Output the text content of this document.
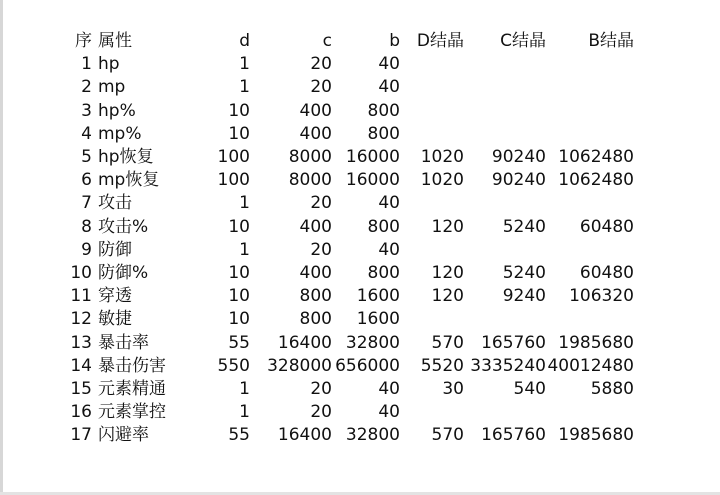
序	属性	d	c	b	D结晶	C结晶	B结晶
1	hp	1	20	40			
2	mp	1	20	40			
3	hp%	10	400	800			
4	mp%	10	400	800			
5	hp恢复	100	8000	16000	1020	90240	1062480
6	mp恢复	100	8000	16000	1020	90240	1062480
7	攻击	1	20	40			
8	攻击%	10	400	800	120	5240	60480
9	防御	1	20	40			
10	防御%	10	400	800	120	5240	60480
11	穿透	10	800	1600	120	9240	106320
12	敏捷	10	800	1600			
13	暴击率	55	16400	32800	570	165760	1985680
14	暴击伤害	550	328000	656000	5520	3335240	40012480
15	元素精通	1	20	40	30	540	5880
16	元素掌控	1	20	40			
17	闪避率	55	16400	32800	570	165760	1985680
